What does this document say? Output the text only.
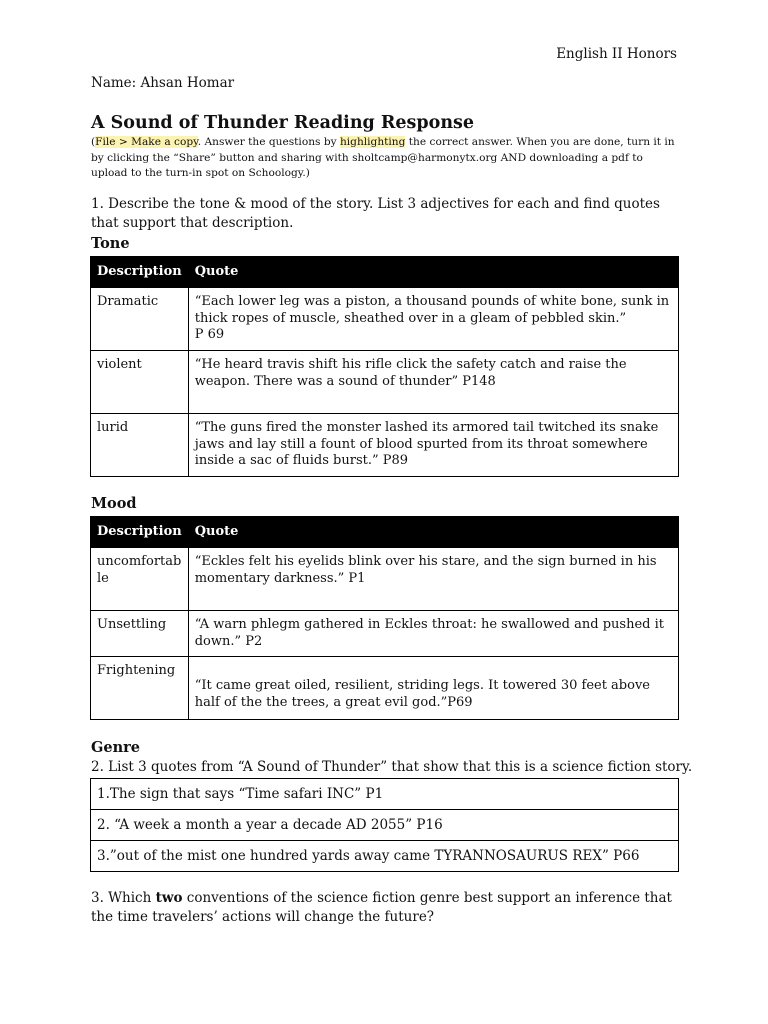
English II Honors
Name: Ahsan Homar
A Sound of Thunder Reading Response
(File > Make a copy. Answer the questions by highlighting the correct answer. When you are done, turn it in by clicking the “Share” button and sharing with sholtcamp@harmonytx.org AND downloading a pdf to upload to the turn-in spot on Schoology.)
1. Describe the tone & mood of the story. List 3 adjectives for each and find quotes that support that description.
Tone
Description	Quote
Dramatic	“Each lower leg was a piston, a thousand pounds of white bone, sunk in thick ropes of muscle, sheathed over in a gleam of pebbled skin.”
P 69
violent	“He heard travis shift his rifle click the safety catch and raise the weapon. There was a sound of thunder” P148
lurid	“The guns fired the monster lashed its armored tail twitched its snake jaws and lay still a fount of blood spurted from its throat somewhere inside a sac of fluids burst.” P89
Mood
Description	Quote
uncomfortable	“Eckles felt his eyelids blink over his stare, and the sign burned in his momentary darkness.” P1
Unsettling	“A warn phlegm gathered in Eckles throat: he swallowed and pushed it down.” P2
Frightening	“It came great oiled, resilient, striding legs. It towered 30 feet above half of the the trees, a great evil god.”P69
Genre
2. List 3 quotes from “A Sound of Thunder” that show that this is a science fiction story.
1.The sign that says “Time safari INC” P1
2. “A week a month a year a decade AD 2055” P16
3.”out of the mist one hundred yards away came TYRANNOSAURUS REX” P66
3. Which two conventions of the science fiction genre best support an inference that the time travelers’ actions will change the future?
